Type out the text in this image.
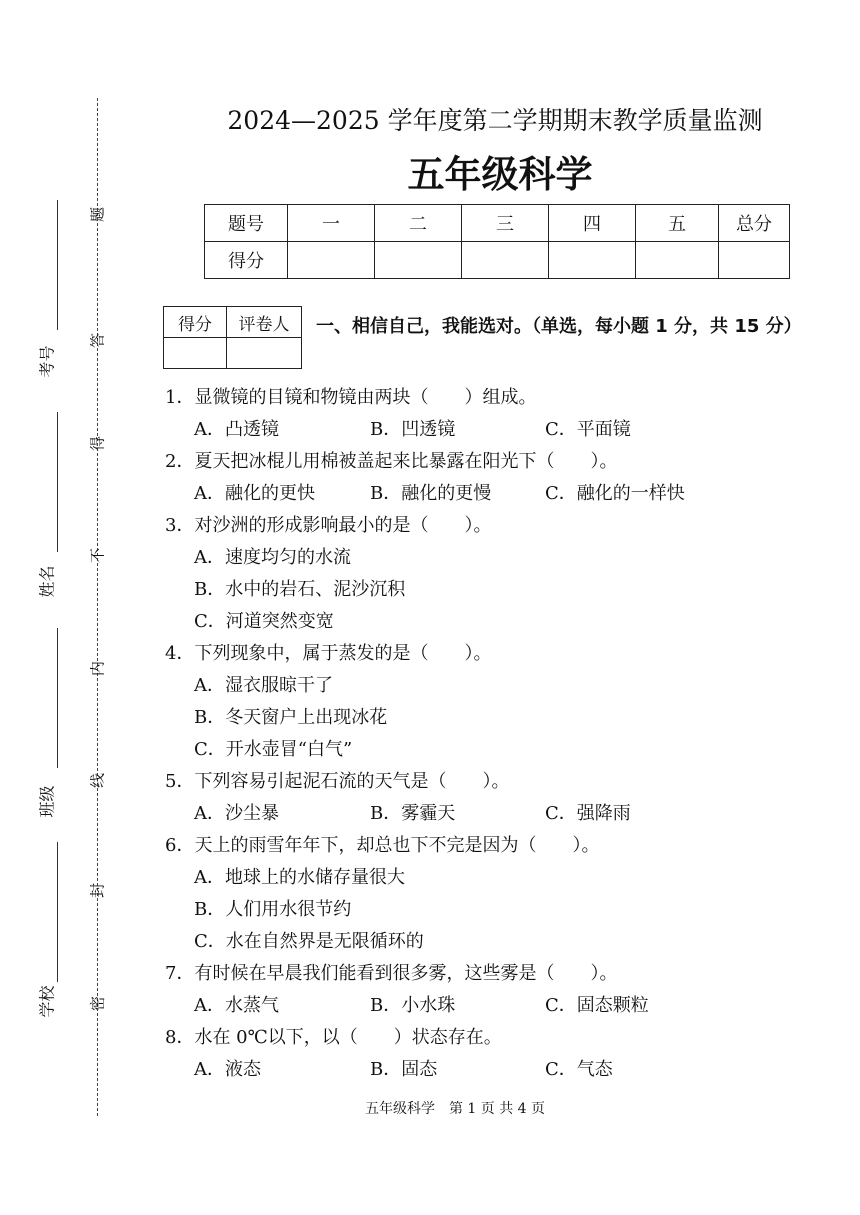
题
答
得
不
内
线
封
密
考号
姓名
班级
学校
2024—2025 学年度第二学期期末教学质量监测
五年级科学
题号	一	二	三	四	五	总分
得分						
得分	评卷人
	一、相信自己，我能选对。（单选，每小题 1 分，共 15 分）
1．显微镜的目镜和物镜由两块（　　）组成。
A．凸透镜	B．凹透镜	C．平面镜
2．夏天把冰棍儿用棉被盖起来比暴露在阳光下（　　）。
A．融化的更快	B．融化的更慢	C．融化的一样快
3．对沙洲的形成影响最小的是（　　）。
A．速度均匀的水流
B．水中的岩石、泥沙沉积
C．河道突然变宽
4．下列现象中，属于蒸发的是（　　）。
A．湿衣服晾干了
B．冬天窗户上出现冰花
C．开水壶冒“白气”
5．下列容易引起泥石流的天气是（　　）。
A．沙尘暴	B．雾霾天	C．强降雨
6．天上的雨雪年年下，却总也下不完是因为（　　）。
A．地球上的水储存量很大
B．人们用水很节约
C．水在自然界是无限循环的
7．有时候在早晨我们能看到很多雾，这些雾是（　　）。
A．水蒸气	B．小水珠	C．固态颗粒
8．水在 0℃以下，以（　　）状态存在。
A．液态	B．固态	C．气态
五年级科学　第 1 页 共 4 页
